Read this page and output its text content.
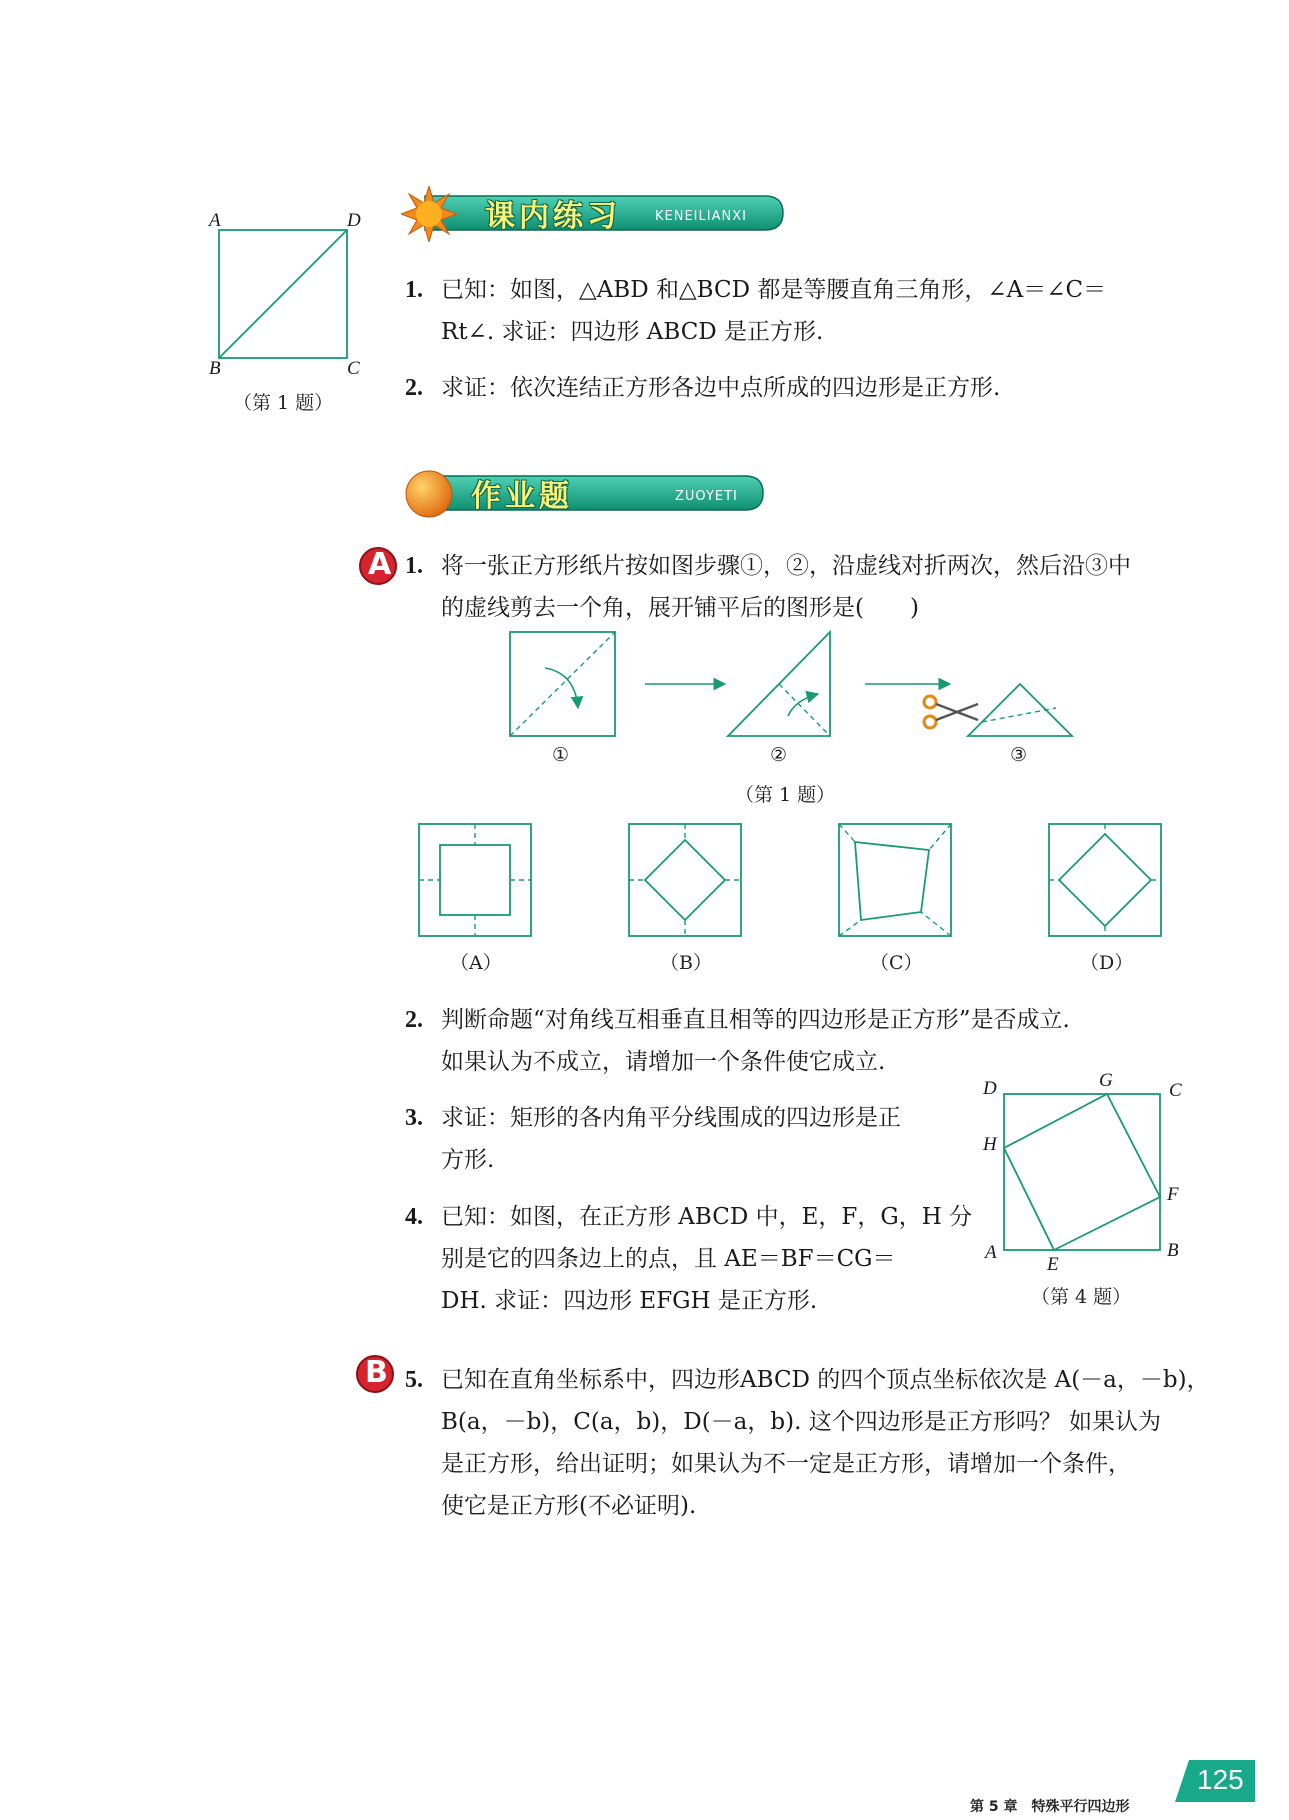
课内练习	KENEILIANXI
A	D
B	C
（第 1 题）
1. 已知：如图，△ABD 和△BCD 都是等腰直角三角形，∠A＝∠C＝
Rt∠. 求证：四边形 ABCD 是正方形.
2. 求证：依次连结正方形各边中点所成的四边形是正方形.
作业题	ZUOYETI
A 1. 将一张正方形纸片按如图步骤①，②，沿虚线对折两次，然后沿③中
的虚线剪去一个角，展开铺平后的图形是(　　)
①	②	③
（第 1 题）
（A）	（B）	（C）	（D）
2. 判断命题“对角线互相垂直且相等的四边形是正方形”是否成立.
如果认为不成立，请增加一个条件使它成立.
3. 求证：矩形的各内角平分线围成的四边形是正
方形.
4. 已知：如图，在正方形 ABCD 中，E，F，G，H 分
别是它的四条边上的点，且 AE＝BF＝CG＝
DH. 求证：四边形 EFGH 是正方形.
D	G	C
H
F
A
E
B
（第 4 题）
B 5. 已知在直角坐标系中，四边形ABCD 的四个顶点坐标依次是 A(－a，－b)，
B(a，－b)，C(a，b)，D(－a，b). 这个四边形是正方形吗？ 如果认为
是正方形，给出证明；如果认为不一定是正方形，请增加一个条件，
使它是正方形(不必证明).
第 5 章　特殊平行四边形
125
